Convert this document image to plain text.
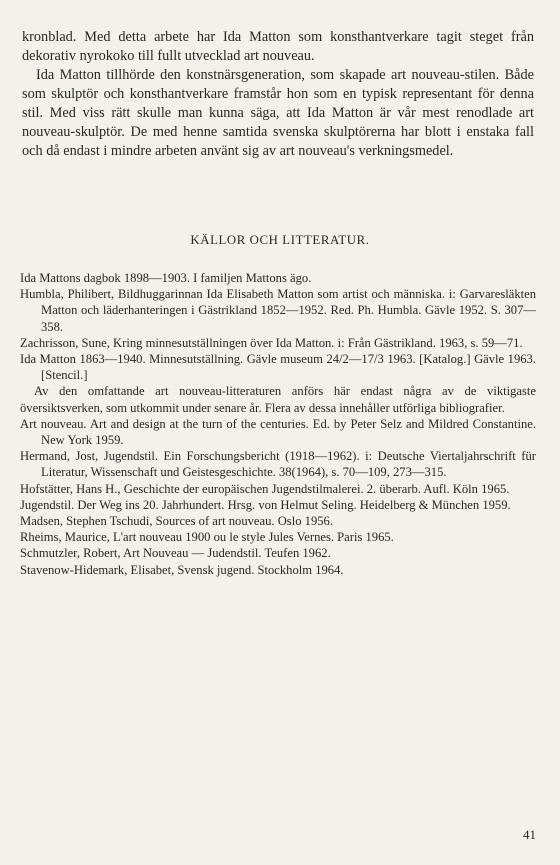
kronblad. Med detta arbete har Ida Matton som konsthantverkare tagit steget från dekorativ nyrokoko till fullt utvecklad art nouveau.

Ida Matton tillhörde den konstnärsgeneration, som skapade art nouveau-stilen. Både som skulptör och konsthantverkare framstår hon som en typisk representant för denna stil. Med viss rätt skulle man kunna säga, att Ida Matton är vår mest renodlade art nouveau-skulptör. De med henne samtida svenska skulptörerna har blott i enstaka fall och då endast i mindre arbeten använt sig av art nouveau's verkningsmedel.

KÄLLOR OCH LITTERATUR.
Ida Mattons dagbok 1898—1903. I familjen Mattons ägo.
Humbla, Philibert, Bildhuggarinnan Ida Elisabeth Matton som artist och människa. i: Garvaresläkten Matton och läderhanteringen i Gästrikland 1852—1952. Red. Ph. Humbla. Gävle 1952. S. 307—358.
Zachrisson, Sune, Kring minnesutställningen över Ida Matton. i: Från Gästrikland. 1963, s. 59—71.
Ida Matton 1863—1940. Minnesutställning. Gävle museum 24/2—17/3 1963. [Katalog.] Gävle 1963. [Stencil.]
Av den omfattande art nouveau-litteraturen anförs här endast några av de viktigaste översiktsverken, som utkommit under senare år. Flera av dessa innehåller utförliga bibliografier.
Art nouveau. Art and design at the turn of the centuries. Ed. by Peter Selz and Mildred Constantine. New York 1959.
Hermand, Jost, Jugendstil. Ein Forschungsbericht (1918—1962). i: Deutsche Viertaljahrschrift für Literatur, Wissenschaft und Geistesgeschichte. 38(1964), s. 70—109, 273—315.
Hofstätter, Hans H., Geschichte der europäischen Jugendstilmalerei. 2. überarb. Aufl. Köln 1965.
Jugendstil. Der Weg ins 20. Jahrhundert. Hrsg. von Helmut Seling. Heidelberg & München 1959.
Madsen, Stephen Tschudi, Sources of art nouveau. Oslo 1956.
Rheims, Maurice, L'art nouveau 1900 ou le style Jules Vernes. Paris 1965.
Schmutzler, Robert, Art Nouveau — Judendstil. Teufen 1962.
Stavenow-Hidemark, Elisabet, Svensk jugend. Stockholm 1964.
41
